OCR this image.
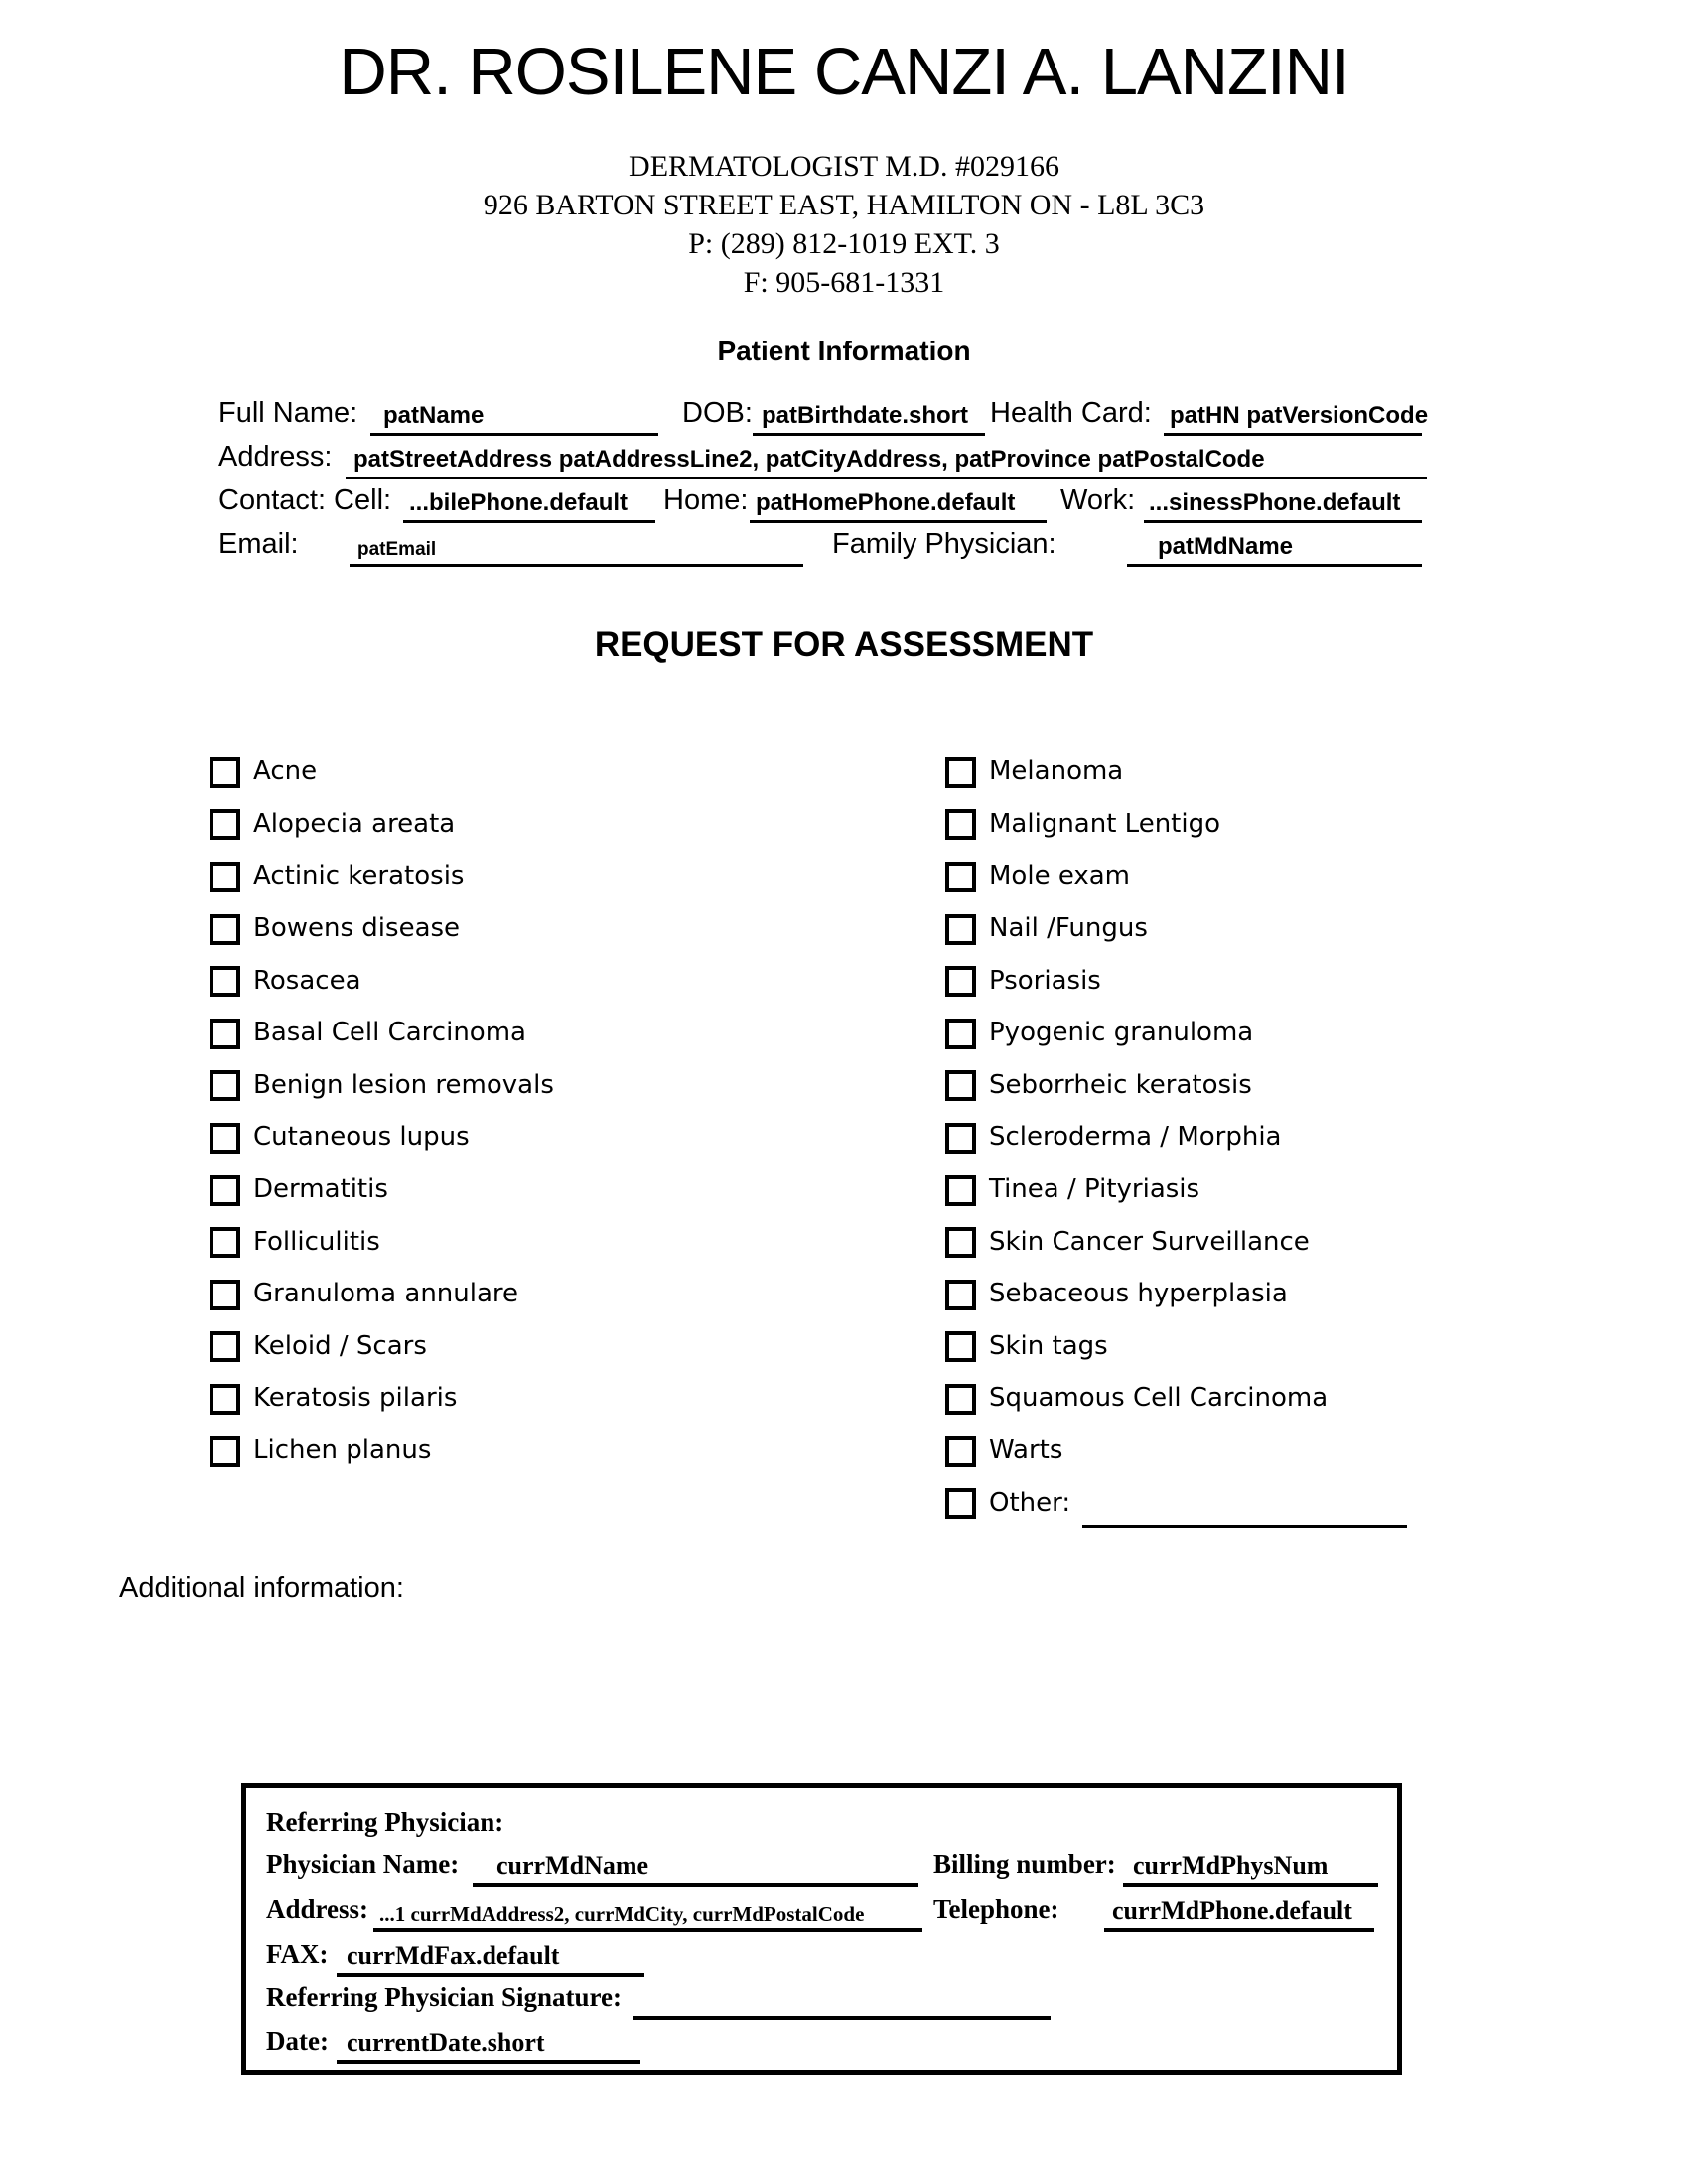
DR. ROSILENE CANZI A. LANZINI
DERMATOLOGIST M.D. #029166
926 BARTON STREET EAST, HAMILTON ON - L8L 3C3
P: (289) 812-1019 EXT. 3
F: 905-681-1331
Patient Information
Full Name: patName	DOB: patBirthdate.short Health Card: patHN patVersionCode
Address: patStreetAddress patAddressLine2, patCityAddress, patProvince patPostalCode
Contact: Cell: ...bilePhone.default Home: patHomePhone.default Work: ...sinessPhone.default
Email:	patEmail	Family Physician:	patMdName
REQUEST FOR ASSESSMENT
Acne
Alopecia areata
Actinic keratosis
Bowens disease
Rosacea
Basal Cell Carcinoma
Benign lesion removals
Cutaneous lupus
Dermatitis
Folliculitis
Granuloma annulare
Keloid / Scars
Keratosis pilaris
Lichen planus
Melanoma
Malignant Lentigo
Mole exam
Nail /Fungus
Psoriasis
Pyogenic granuloma
Seborrheic keratosis
Scleroderma / Morphia
Tinea / Pityriasis
Skin Cancer Surveillance
Sebaceous hyperplasia
Skin tags
Squamous Cell Carcinoma
Warts
Other:
Additional information:
Referring Physician:
Physician Name: currMdName	Billing number: currMdPhysNum
Address: ...1 currMdAddress2, currMdCity, currMdPostalCode	Telephone: currMdPhone.default
FAX: currMdFax.default
Referring Physician Signature:
Date: currentDate.short
